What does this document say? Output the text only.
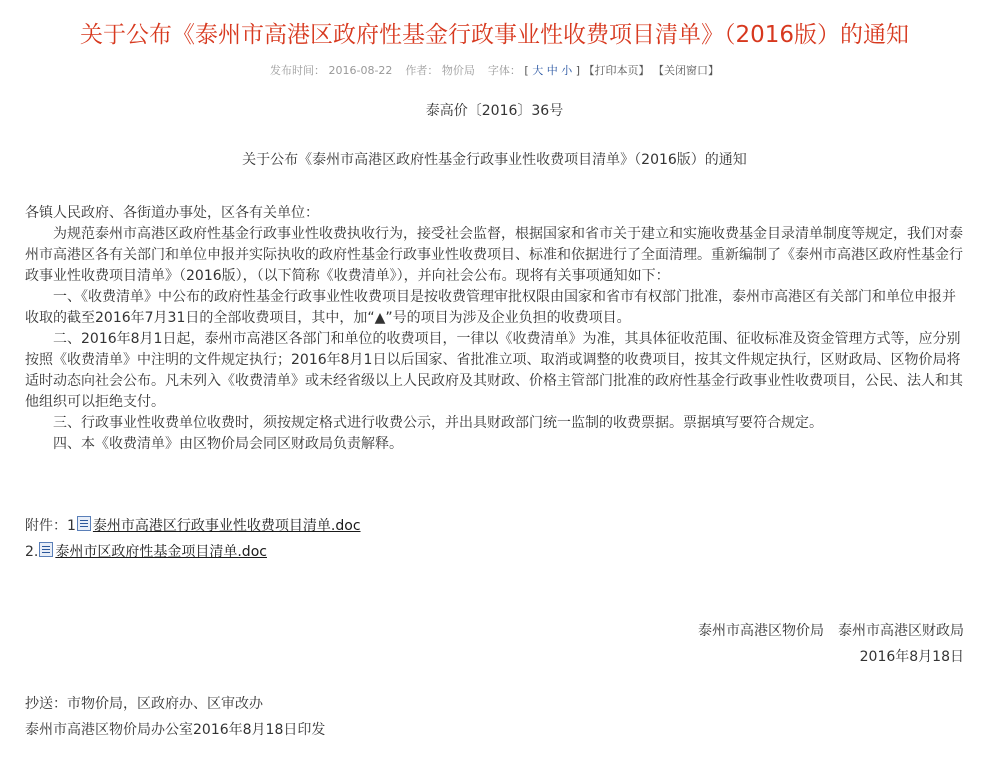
关于公布《泰州市高港区政府性基金行政事业性收费项目清单》（2016版）的通知
发布时间： 2016-08-22 作者： 物价局 字体： [ 大 中 小 ] 【打印本页】 【关闭窗口】
泰高价〔2016〕36号
关于公布《泰州市高港区政府性基金行政事业性收费项目清单》（2016版）的通知

各镇人民政府、各街道办事处，区各有关单位：

为规范泰州市高港区政府性基金行政事业性收费执收行为，接受社会监督，根据国家和省市关于建立和实施收费基金目录清单制度等规定，我们对泰州市高港区各有关部门和单位申报并实际执收的政府性基金行政事业性收费项目、标准和依据进行了全面清理。重新编制了《泰州市高港区政府性基金行政事业性收费项目清单》（2016版），（以下简称《收费清单》），并向社会公布。现将有关事项通知如下：

一、《收费清单》中公布的政府性基金行政事业性收费项目是按收费管理审批权限由国家和省市有权部门批准，泰州市高港区有关部门和单位申报并收取的截至2016年7月31日的全部收费项目，其中，加“▲”号的项目为涉及企业负担的收费项目。

二、2016年8月1日起，泰州市高港区各部门和单位的收费项目，一律以《收费清单》为准，其具体征收范围、征收标准及资金管理方式等，应分别按照《收费清单》中注明的文件规定执行；2016年8月1日以后国家、省批准立项、取消或调整的收费项目，按其文件规定执行，区财政局、区物价局将适时动态向社会公布。凡未列入《收费清单》或未经省级以上人民政府及其财政、价格主管部门批准的政府性基金行政事业性收费项目，公民、法人和其他组织可以拒绝支付。

三、行政事业性收费单位收费时，须按规定格式进行收费公示，并出具财政部门统一监制的收费票据。票据填写要符合规定。

四、本《收费清单》由区物价局会同区财政局负责解释。

附件：1 泰州市高港区行政事业性收费项目清单.doc
2. 泰州市区政府性基金项目清单.doc
泰州市高港区物价局　泰州市高港区财政局
2016年8月18日
抄送：市物价局，区政府办、区审改办
泰州市高港区物价局办公室2016年8月18日印发
